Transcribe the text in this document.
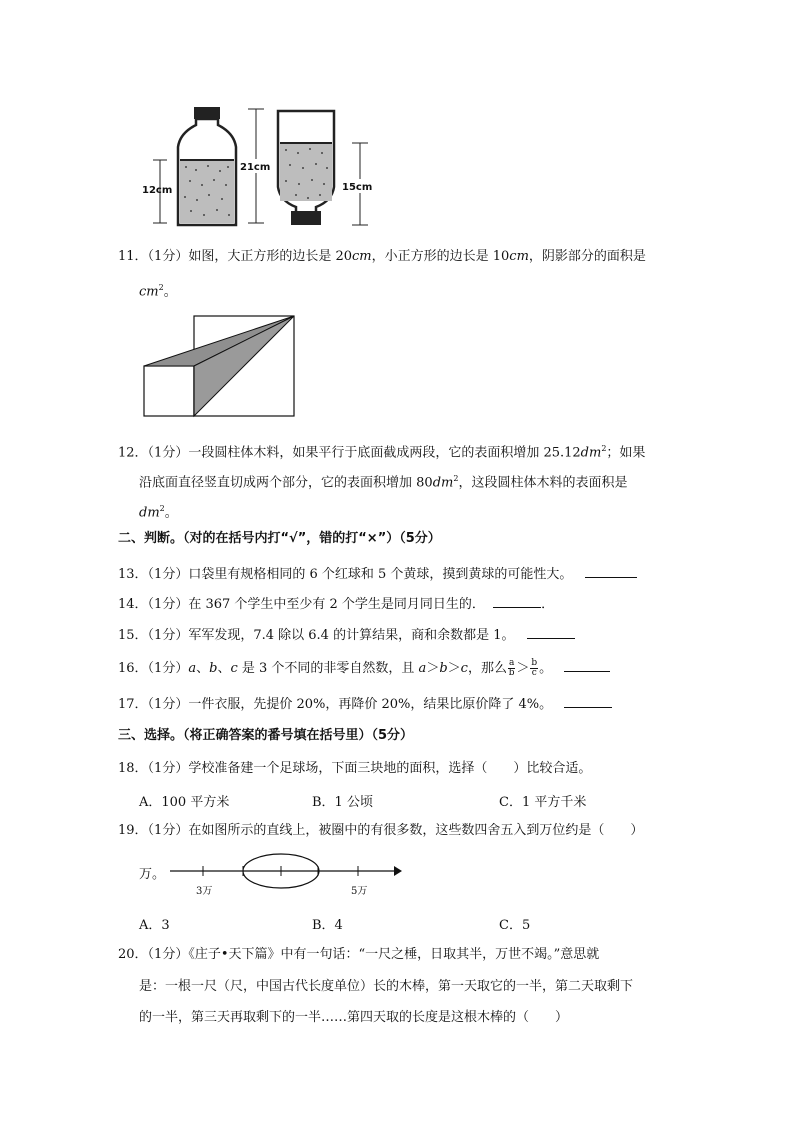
12cm
21cm
15cm
11．（1分）如图，大正方形的边长是 20cm，小正方形的边长是 10cm，阴影部分的面积是
$cm^2$。
12．（1分）一段圆柱体木料，如果平行于底面截成两段，它的表面积增加 $25.12dm^2$；如果
沿底面直径竖直切成两个部分，它的表面积增加 $80dm^2$，这段圆柱体木料的表面积是
$dm^2$。
二、判断。（对的在括号内打“√”，错的打“×”）（5分）
13．（1分）口袋里有规格相同的 6 个红球和 5 个黄球，摸到黄球的可能性大。
14．（1分）在 367 个学生中至少有 2 个学生是同月同日生的．	．
15．（1分）军军发现，7.4 除以 6.4 的计算结果，商和余数都是 1。
16．（1分）a、b、c 是 3 个不同的非零自然数，且 a＞b＞c，那么 $\frac{a}{b} > \frac{b}{c}$ 。
17．（1分）一件衣服，先提价 20%，再降价 20%，结果比原价降了 4%。
三、选择。（将正确答案的番号填在括号里）（5分）
18．（1分）学校准备建一个足球场，下面三块地的面积，选择（　　）比较合适。
A．100 平方米	B．1 公顷	C．1 平方千米
19．（1分）在如图所示的直线上，被圈中的有很多数，这些数四舍五入到万位约是（　　）
万。
3万	5万
A．3	B．4	C．5
20．（1分）《庄子•天下篇》中有一句话：“一尺之棰，日取其半，万世不竭。”意思就
是：一根一尺（尺，中国古代长度单位）长的木棒，第一天取它的一半，第二天取剩下
的一半，第三天再取剩下的一半……第四天取的长度是这根木棒的（　　）
